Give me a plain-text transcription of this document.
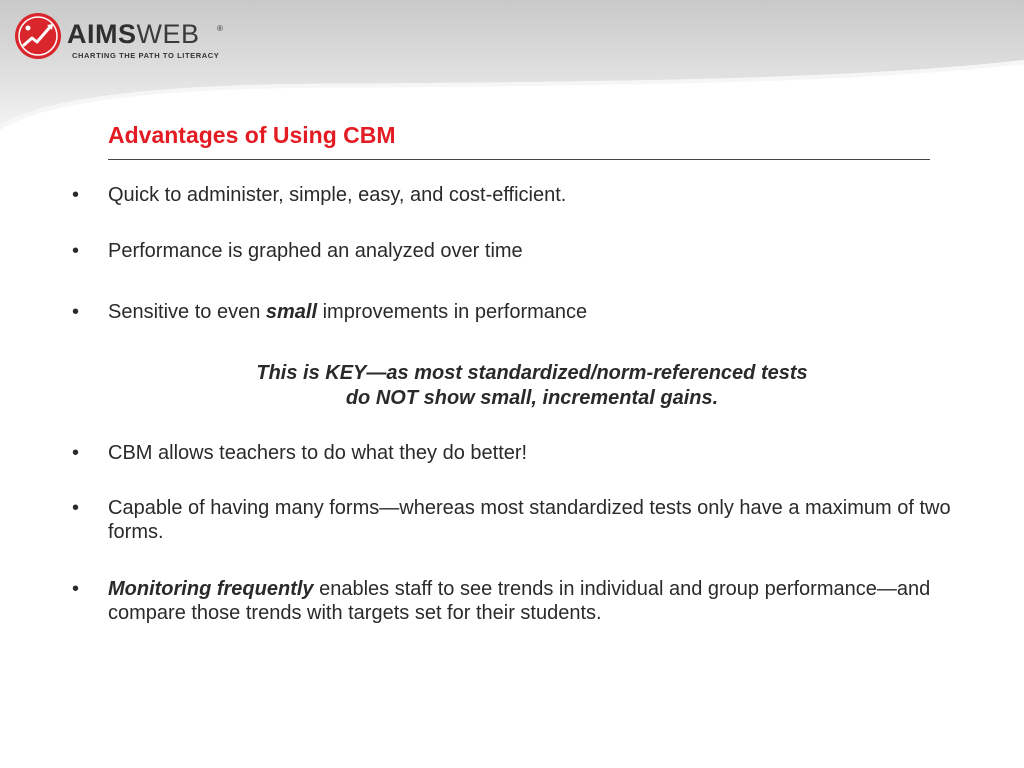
AIMSWEB ®
CHARTING THE PATH TO LITERACY
Advantages of Using CBM
• Quick to administer, simple, easy, and cost-efficient.
• Performance is graphed an analyzed over time
• Sensitive to even small improvements in performance
This is KEY—as most standardized/norm-referenced tests
do NOT show small, incremental gains.
• CBM allows teachers to do what they do better!
• Capable of having many forms—whereas most standardized tests only have a maximum of two forms.
• Monitoring frequently enables staff to see trends in individual and group performance—and compare those trends with targets set for their students.
